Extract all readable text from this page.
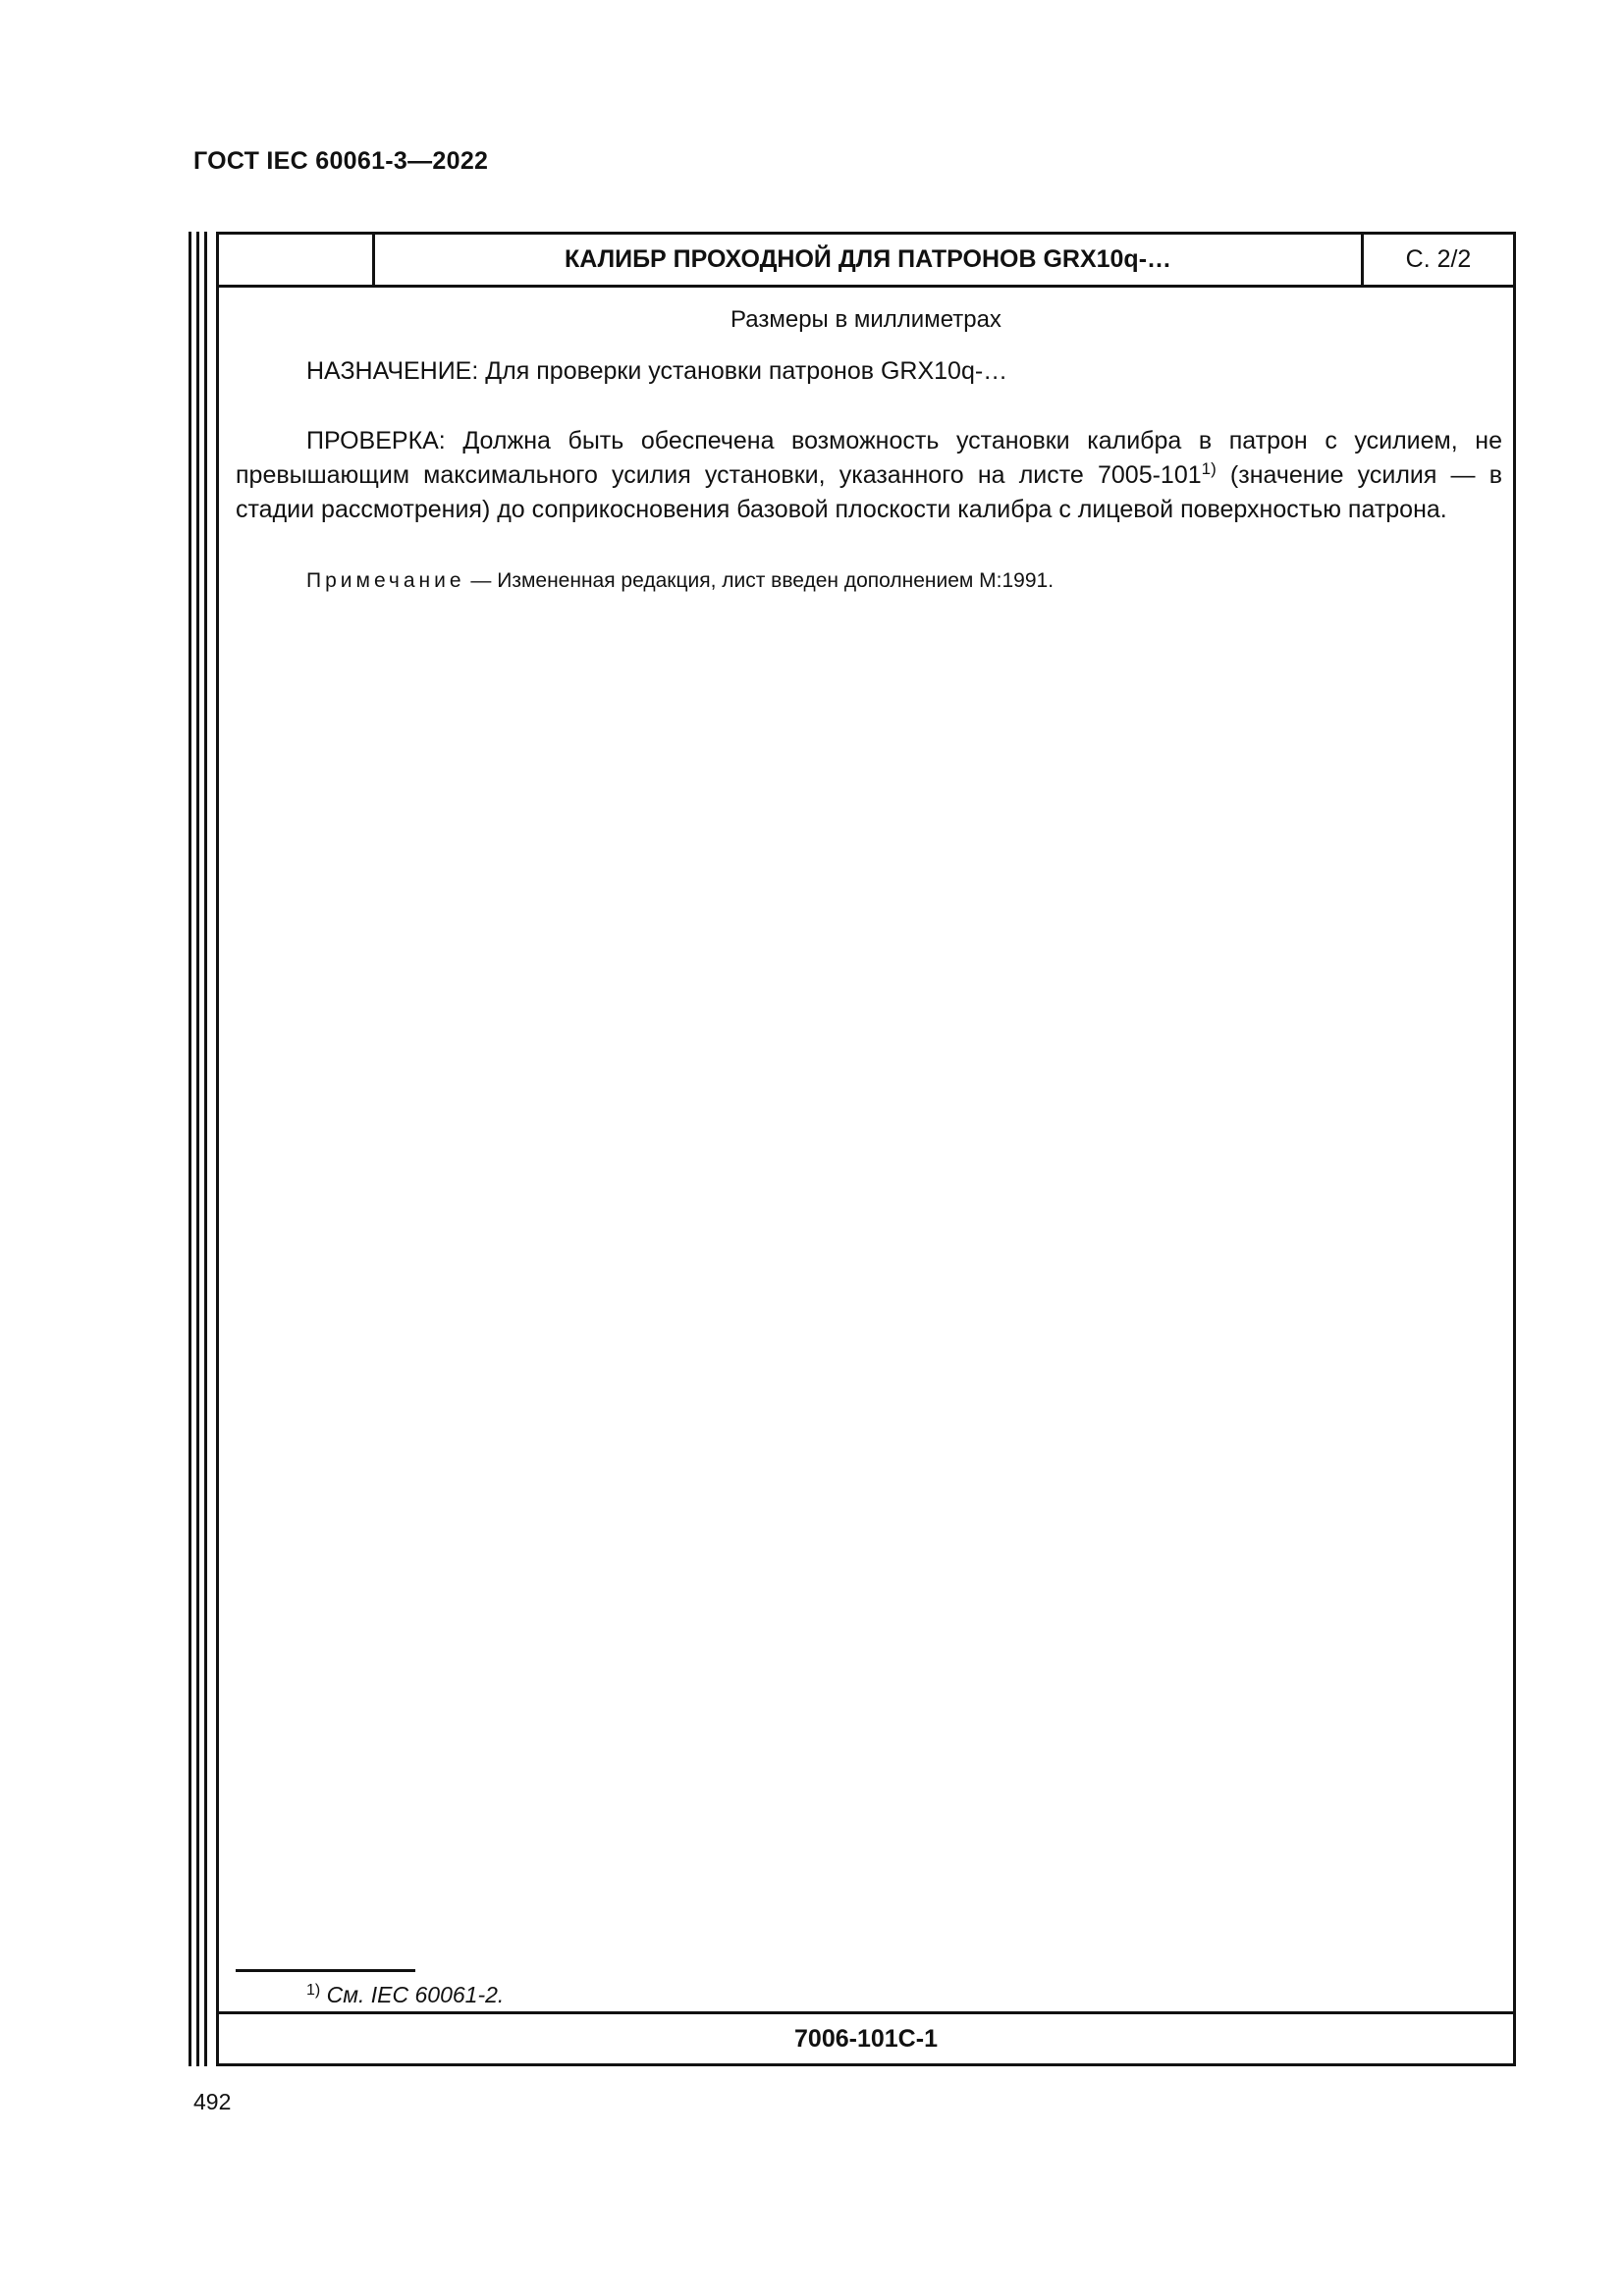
ГОСТ IEC 60061-3—2022
КАЛИБР ПРОХОДНОЙ ДЛЯ ПАТРОНОВ GRX10q-…	С. 2/2
Размеры в миллиметрах
НАЗНАЧЕНИЕ: Для проверки установки патронов GRX10q-…
ПРОВЕРКА: Должна быть обеспечена возможность установки калибра в патрон с усилием, не превышающим максимального усилия установки, указанного на листе 7005-101$^{1)}$ (значение усилия — в стадии рассмотрения) до соприкосновения базовой плоскости калибра с лицевой поверхностью патрона.
Примечание — Измененная редакция, лист введен дополнением М:1991.
$^{1)}$ См. IEC 60061-2.
7006-101C-1
492
